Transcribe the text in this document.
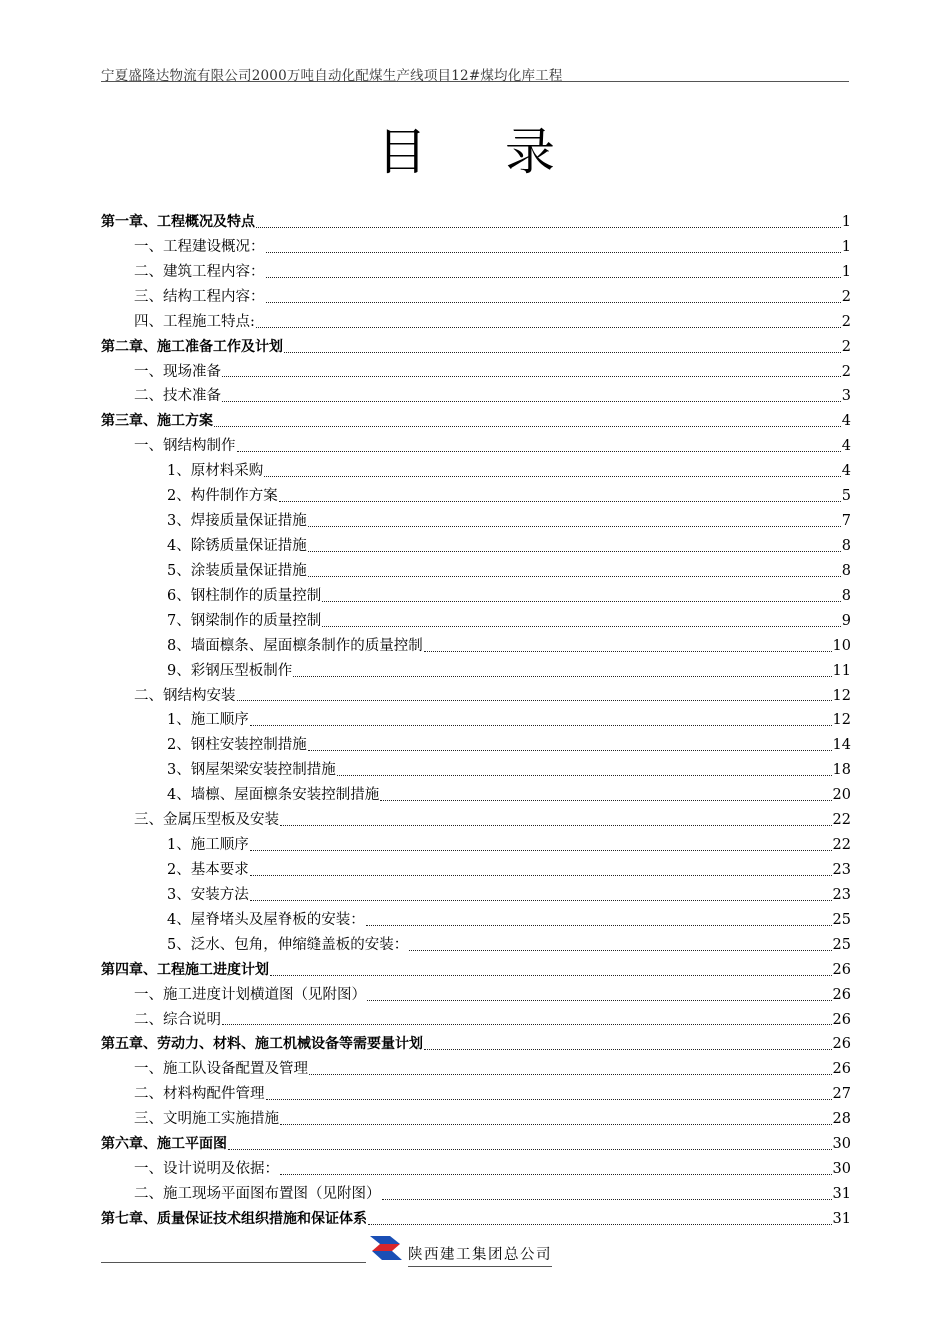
宁夏盛隆达物流有限公司2000万吨自动化配煤生产线项目12#煤均化库工程
目录
第一章、工程概况及特点	1
一、工程建设概况：	1
二、建筑工程内容：	1
三、结构工程内容：	2
四、工程施工特点:	2
第二章、施工准备工作及计划	2
一、现场准备	2
二、技术准备	3
第三章、施工方案	4
一、钢结构制作	4
1、原材料采购	4
2、构件制作方案	5
3、焊接质量保证措施	7
4、除锈质量保证措施	8
5、涂装质量保证措施	8
6、钢柱制作的质量控制	8
7、钢梁制作的质量控制	9
8、墙面檩条、屋面檩条制作的质量控制	10
9、彩钢压型板制作	11
二、钢结构安装	12
1、施工顺序	12
2、钢柱安装控制措施	14
3、钢屋架梁安装控制措施	18
4、墙檩、屋面檩条安装控制措施	20
三、金属压型板及安装	22
1、施工顺序	22
2、基本要求	23
3、安装方法	23
4、屋脊堵头及屋脊板的安装：	25
5、泛水、包角，伸缩缝盖板的安装：	25
第四章、工程施工进度计划	26
一、施工进度计划横道图（见附图）	26
二、综合说明	26
第五章、劳动力、材料、施工机械设备等需要量计划	26
一、施工队设备配置及管理	26
二、材料构配件管理	27
三、文明施工实施措施	28
第六章、施工平面图	30
一、设计说明及依据：	30
二、施工现场平面图布置图（见附图）	31
第七章、质量保证技术组织措施和保证体系	31
陕西建工集团总公司
